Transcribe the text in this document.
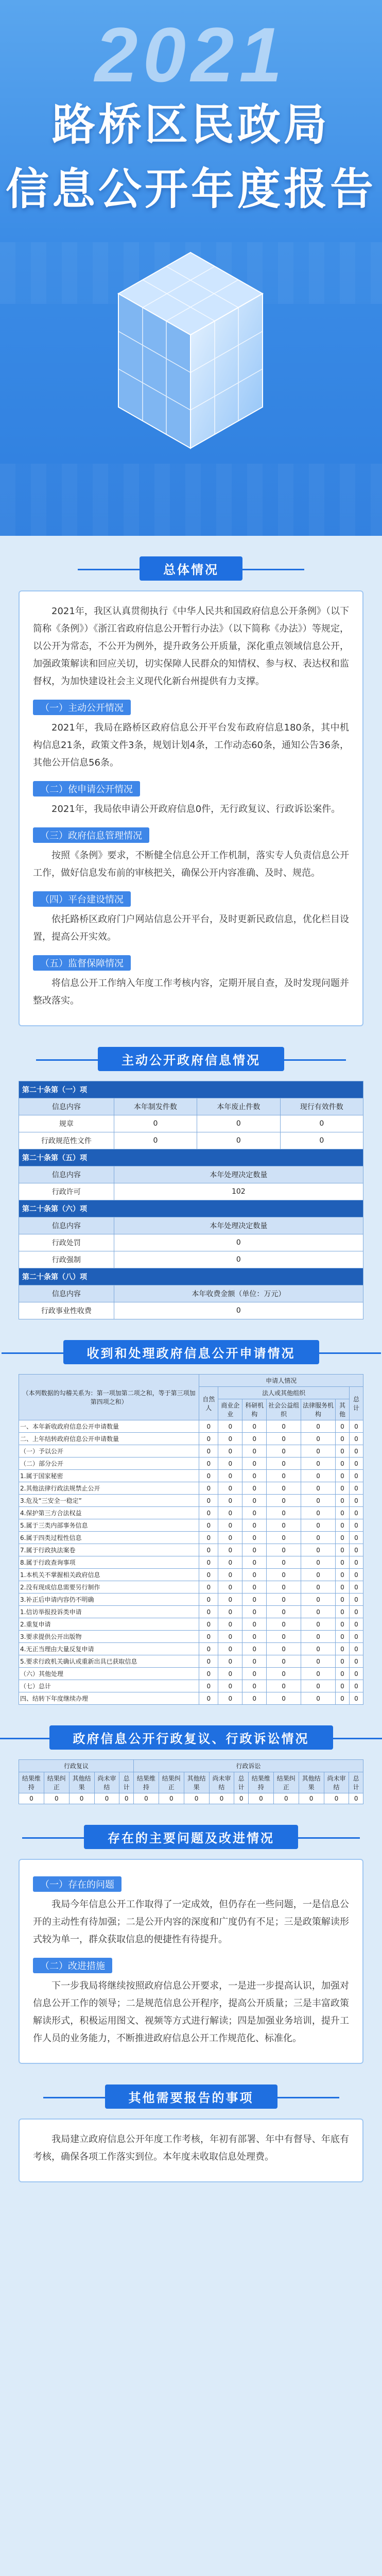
2021
路桥区民政局
信息公开年度报告
总体情况

2021年，我区认真贯彻执行《中华人民共和国政府信息公开条例》（以下简称《条例》）《浙江省政府信息公开暂行办法》（以下简称《办法》）等规定，以公开为常态，不公开为例外，提升政务公开质量，深化重点领域信息公开，加强政策解读和回应关切，切实保障人民群众的知情权、参与权、表达权和监督权，为加快建设社会主义现代化新台州提供有力支撑。

（一）主动公开情况

2021年，我局在路桥区政府信息公开平台发布政府信息180条，其中机构信息21条，政策文件3条，规划计划4条，工作动态60条，通知公告36条，其他公开信息56条。

（二）依申请公开情况

2021年，我局依申请公开政府信息0件，无行政复议、行政诉讼案件。

（三）政府信息管理情况

按照《条例》要求，不断健全信息公开工作机制，落实专人负责信息公开工作，做好信息发布前的审核把关，确保公开内容准确、及时、规范。

（四）平台建设情况

依托路桥区政府门户网站信息公开平台，及时更新民政信息，优化栏目设置，提高公开实效。

（五）监督保障情况

将信息公开工作纳入年度工作考核内容，定期开展自查，及时发现问题并整改落实。

主动公开政府信息情况
第二十条第（一）项			
信息内容	本年制发件数	本年废止件数	现行有效件数
规章	0	0	0
行政规范性文件	0	0	0
第二十条第（五）项			
信息内容	本年处理决定数量		
行政许可	102		
第二十条第（六）项			
信息内容	本年处理决定数量		
行政处罚	0		
行政强制	0		
第二十条第（八）项			
信息内容	本年收费金额（单位：万元）		
行政事业性收费	0		
收到和处理政府信息公开申请情况
（本列数据的勾稽关系为：第一项加第二项之和，等于第三项加第四项之和）	申请人情况						
	自然人	法人或其他组织					总计
		商业企业	科研机构	社会公益组织	法律服务机构	其他	
一、本年新收政府信息公开申请数量	0	0	0	0	0	0	0
二、上年结转政府信息公开申请数量	0	0	0	0	0	0	0
（一）予以公开	0	0	0	0	0	0	0
（二）部分公开	0	0	0	0	0	0	0
1.属于国家秘密	0	0	0	0	0	0	0
2.其他法律行政法规禁止公开	0	0	0	0	0	0	0
3.危及“三安全一稳定”	0	0	0	0	0	0	0
4.保护第三方合法权益	0	0	0	0	0	0	0
5.属于三类内部事务信息	0	0	0	0	0	0	0
6.属于四类过程性信息	0	0	0	0	0	0	0
7.属于行政执法案卷	0	0	0	0	0	0	0
8.属于行政查询事项	0	0	0	0	0	0	0
1.本机关不掌握相关政府信息	0	0	0	0	0	0	0
2.没有现成信息需要另行制作	0	0	0	0	0	0	0
3.补正后申请内容仍不明确	0	0	0	0	0	0	0
1.信访举报投诉类申请	0	0	0	0	0	0	0
2.重复申请	0	0	0	0	0	0	0
3.要求提供公开出版物	0	0	0	0	0	0	0
4.无正当理由大量反复申请	0	0	0	0	0	0	0
5.要求行政机关确认或重新出具已获取信息	0	0	0	0	0	0	0
（六）其他处理	0	0	0	0	0	0	0
（七）总计	0	0	0	0	0	0	0
四、结转下年度继续办理	0	0	0	0	0	0	0
政府信息公开行政复议、行政诉讼情况
行政复议					行政诉讼									
结果维持	结果纠正	其他结果	尚未审结	总计	结果维持	结果纠正	其他结果	尚未审结	总计	结果维持	结果纠正	其他结果	尚未审结	总计
0	0	0	0	0	0	0	0	0	0	0	0	0	0	0
存在的主要问题及改进情况
（一）存在的问题

我局今年信息公开工作取得了一定成效，但仍存在一些问题，一是信息公开的主动性有待加强；二是公开内容的深度和广度仍有不足；三是政策解读形式较为单一，群众获取信息的便捷性有待提升。

（二）改进措施

下一步我局将继续按照政府信息公开要求，一是进一步提高认识，加强对信息公开工作的领导；二是规范信息公开程序，提高公开质量；三是丰富政策解读形式，积极运用图文、视频等方式进行解读；四是加强业务培训，提升工作人员的业务能力，不断推进政府信息公开工作规范化、标准化。

其他需要报告的事项

我局建立政府信息公开年度工作考核，年初有部署、年中有督导、年底有考核，确保各项工作落实到位。本年度未收取信息处理费。
